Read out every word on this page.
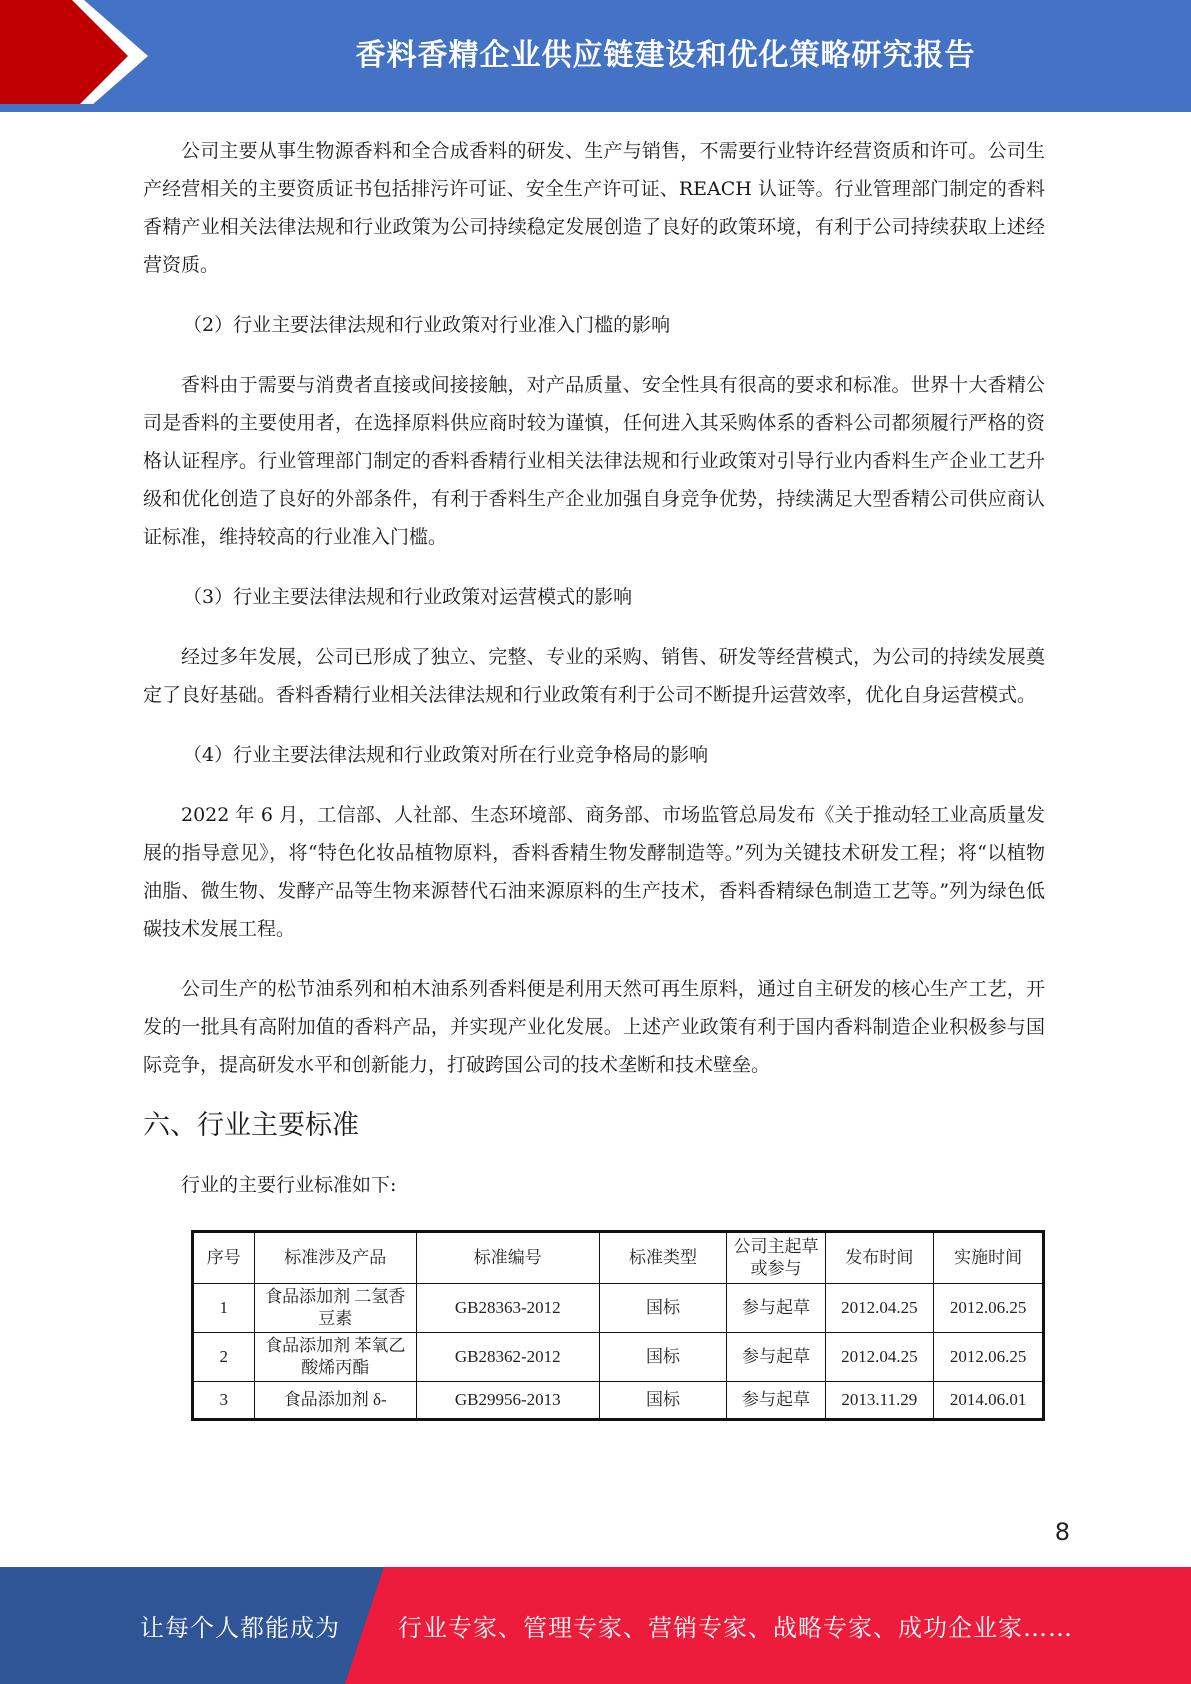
香料香精企业供应链建设和优化策略研究报告

公司主要从事生物源香料和全合成香料的研发、生产与销售，不需要行业特许经营资质和许可。公司生产经营相关的主要资质证书包括排污许可证、安全生产许可证、REACH 认证等。行业管理部门制定的香料香精产业相关法律法规和行业政策为公司持续稳定发展创造了良好的政策环境，有利于公司持续获取上述经营资质。

（2）行业主要法律法规和行业政策对行业准入门槛的影响

香料由于需要与消费者直接或间接接触，对产品质量、安全性具有很高的要求和标准。世界十大香精公司是香料的主要使用者，在选择原料供应商时较为谨慎，任何进入其采购体系的香料公司都须履行严格的资格认证程序。行业管理部门制定的香料香精行业相关法律法规和行业政策对引导行业内香料生产企业工艺升级和优化创造了良好的外部条件，有利于香料生产企业加强自身竞争优势，持续满足大型香精公司供应商认证标准，维持较高的行业准入门槛。

（3）行业主要法律法规和行业政策对运营模式的影响

经过多年发展，公司已形成了独立、完整、专业的采购、销售、研发等经营模式，为公司的持续发展奠定了良好基础。香料香精行业相关法律法规和行业政策有利于公司不断提升运营效率，优化自身运营模式。

（4）行业主要法律法规和行业政策对所在行业竞争格局的影响

2022 年 6 月，工信部、人社部、生态环境部、商务部、市场监管总局发布《关于推动轻工业高质量发展的指导意见》，将“特色化妆品植物原料，香料香精生物发酵制造等。”列为关键技术研发工程；将“以植物油脂、微生物、发酵产品等生物来源替代石油来源原料的生产技术，香料香精绿色制造工艺等。”列为绿色低碳技术发展工程。

公司生产的松节油系列和柏木油系列香料便是利用天然可再生原料，通过自主研发的核心生产工艺，开发的一批具有高附加值的香料产品，并实现产业化发展。上述产业政策有利于国内香料制造企业积极参与国际竞争，提高研发水平和创新能力，打破跨国公司的技术垄断和技术壁垒。

六、行业主要标准

行业的主要行业标准如下:

序号	标准涉及产品	标准编号	标准类型	公司主起草或参与	发布时间	实施时间
1	食品添加剂 二氢香豆素	GB28363-2012	国标	参与起草	2012.04.25	2012.06.25
2	食品添加剂 苯氧乙酸烯丙酯	GB28362-2012	国标	参与起草	2012.04.25	2012.06.25
3	食品添加剂 δ-	GB29956-2013	国标	参与起草	2013.11.29	2014.06.01
8
让每个人都能成为 行业专家、管理专家、营销专家、战略专家、成功企业家……
